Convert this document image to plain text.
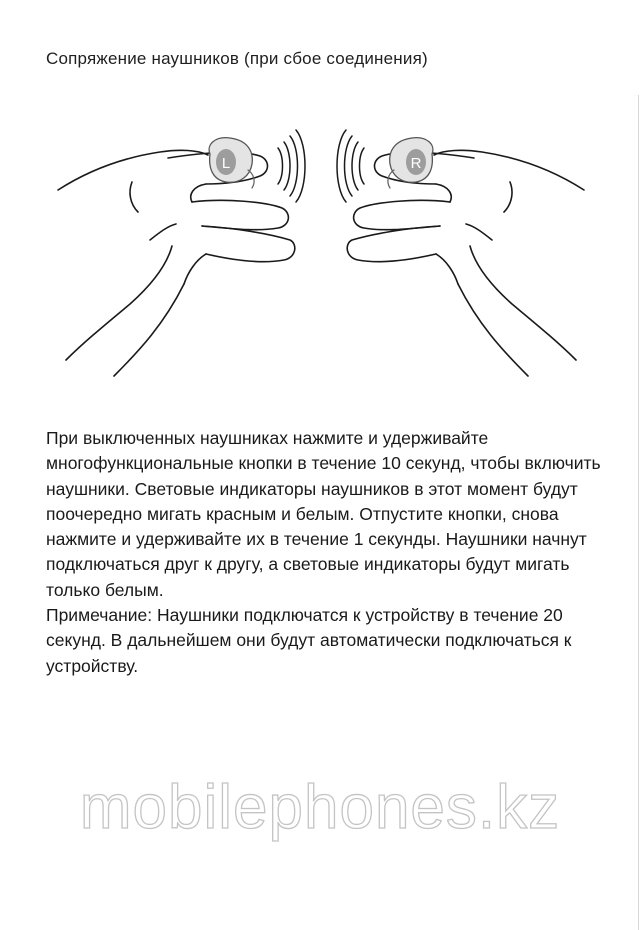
Сопряжение наушников (при сбое соединения)
L	R

При выключенных наушниках нажмите и удерживайте многофункциональные кнопки в течение 10 секунд, чтобы включить наушники. Световые индикаторы наушников в этот момент будут поочередно мигать красным и белым. Отпустите кнопки, снова нажмите и удерживайте их в течение 1 секунды. Наушники начнут подключаться друг к другу, а световые индикаторы будут мигать только белым.

Примечание: Наушники подключатся к устройству в течение 20 секунд. В дальнейшем они будут автоматически подключаться к устройству.

mobilephones.kz
